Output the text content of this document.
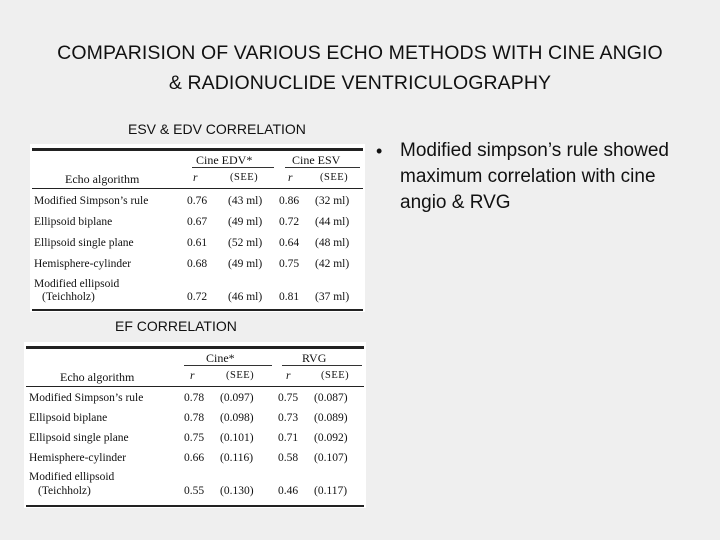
COMPARISION OF VARIOUS ECHO METHODS WITH CINE ANGIO
& RADIONUCLIDE VENTRICULOGRAPHY
ESV & EDV CORRELATION
Cine EDV*	Cine ESV
Echo algorithm	r	(SEE)	r	(SEE)
Modified Simpson’s rule	0.76 (43 ml) 0.86 (32 ml)
Ellipsoid biplane	0.67 (49 ml) 0.72 (44 ml)
Ellipsoid single plane	0.61 (52 ml) 0.64 (48 ml)
Hemisphere-cylinder	0.68 (49 ml) 0.75 (42 ml)
Modified ellipsoid
(Teichholz)	0.72 (46 ml) 0.81 (37 ml)
EF CORRELATION
Cine*	RVG
Echo algorithm	r	(SEE)	r	(SEE)
Modified Simpson’s rule	0.78 (0.097) 0.75 (0.087)
Ellipsoid biplane	0.78 (0.098) 0.73 (0.089)
Ellipsoid single plane	0.75 (0.101) 0.71 (0.092)
Hemisphere-cylinder	0.66 (0.116) 0.58 (0.107)
Modified ellipsoid
(Teichholz)	0.55 (0.130) 0.46 (0.117)
• Modified simpson’s rule showed maximum correlation with cine angio & RVG
